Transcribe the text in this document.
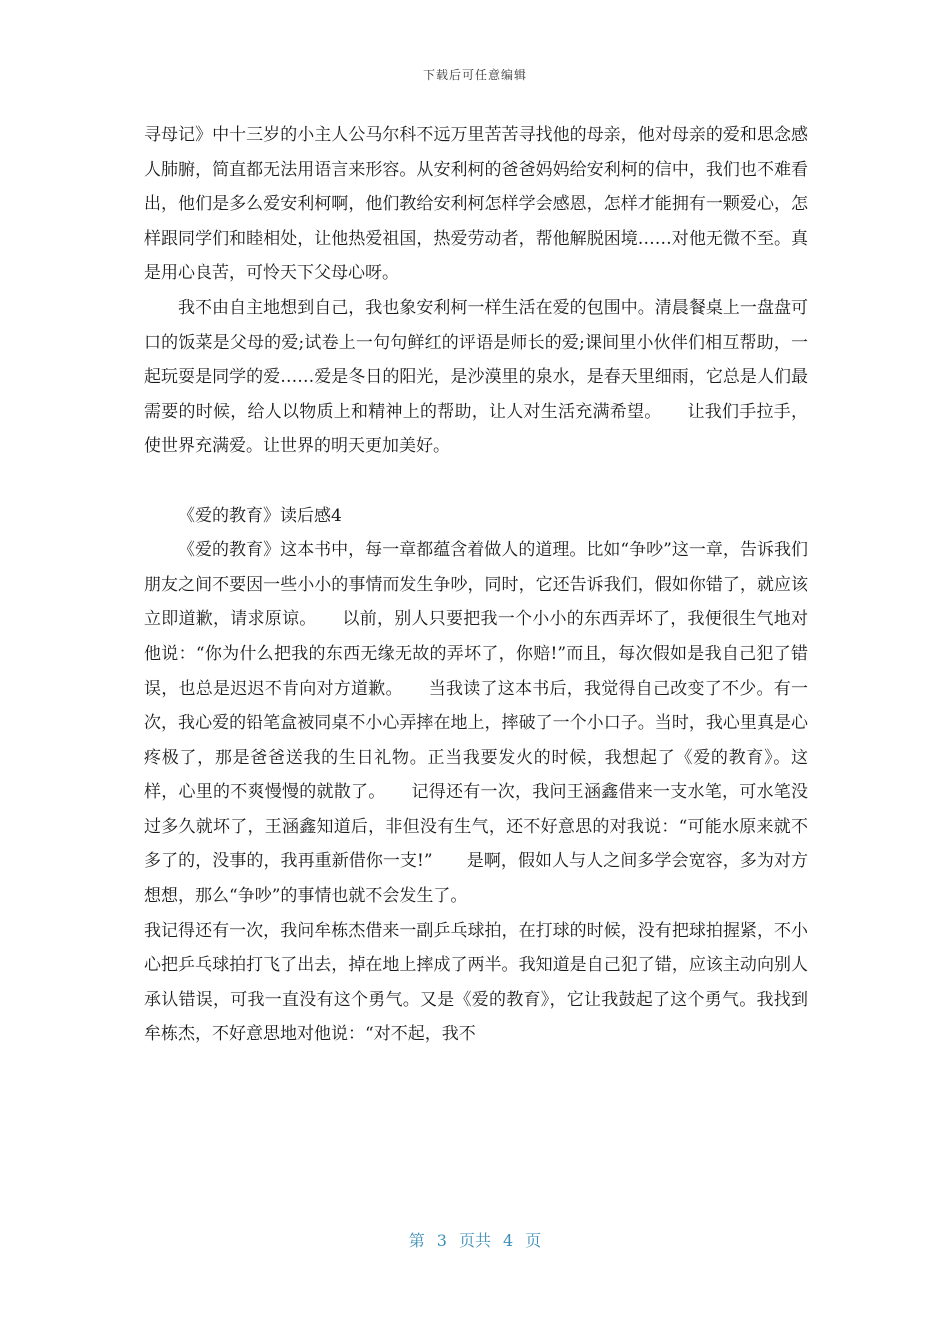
下载后可任意编辑

寻母记》中十三岁的小主人公马尔科不远万里苦苦寻找他的母亲，他对母亲的爱和思念感人肺腑，简直都无法用语言来形容。从安利柯的爸爸妈妈给安利柯的信中，我们也不难看出，他们是多么爱安利柯啊，他们教给安利柯怎样学会感恩，怎样才能拥有一颗爱心，怎样跟同学们和睦相处，让他热爱祖国，热爱劳动者，帮他解脱困境……对他无微不至。真是用心良苦，可怜天下父母心呀。

我不由自主地想到自己，我也象安利柯一样生活在爱的包围中。清晨餐桌上一盘盘可口的饭菜是父母的爱;试卷上一句句鲜红的评语是师长的爱;课间里小伙伴们相互帮助，一起玩耍是同学的爱……爱是冬日的阳光，是沙漠里的泉水，是春天里细雨，它总是人们最需要的时候，给人以物质上和精神上的帮助，让人对生活充满希望。　　让我们手拉手，使世界充满爱。让世界的明天更加美好。

《爱的教育》读后感4

《爱的教育》这本书中，每一章都蕴含着做人的道理。比如“争吵”这一章，告诉我们朋友之间不要因一些小小的事情而发生争吵，同时，它还告诉我们，假如你错了，就应该立即道歉，请求原谅。　　以前，别人只要把我一个小小的东西弄坏了，我便很生气地对他说：“你为什么把我的东西无缘无故的弄坏了，你赔!”而且，每次假如是我自己犯了错误，也总是迟迟不肯向对方道歉。　　当我读了这本书后，我觉得自己改变了不少。有一次，我心爱的铅笔盒被同桌不小心弄摔在地上，摔破了一个小口子。当时，我心里真是心疼极了，那是爸爸送我的生日礼物。正当我要发火的时候，我想起了《爱的教育》。这样，心里的不爽慢慢的就散了。　　记得还有一次，我问王涵鑫借来一支水笔，可水笔没过多久就坏了，王涵鑫知道后，非但没有生气，还不好意思的对我说：“可能水原来就不多了的，没事的，我再重新借你一支!”　　是啊，假如人与人之间多学会宽容，多为对方想想，那么“争吵”的事情也就不会发生了。

我记得还有一次，我问牟栋杰借来一副乒乓球拍，在打球的时候，没有把球拍握紧，不小心把乒乓球拍打飞了出去，掉在地上摔成了两半。我知道是自己犯了错，应该主动向别人承认错误，可我一直没有这个勇气。又是《爱的教育》，它让我鼓起了这个勇气。我找到牟栋杰，不好意思地对他说：“对不起，我不

第 3 页共 4 页
